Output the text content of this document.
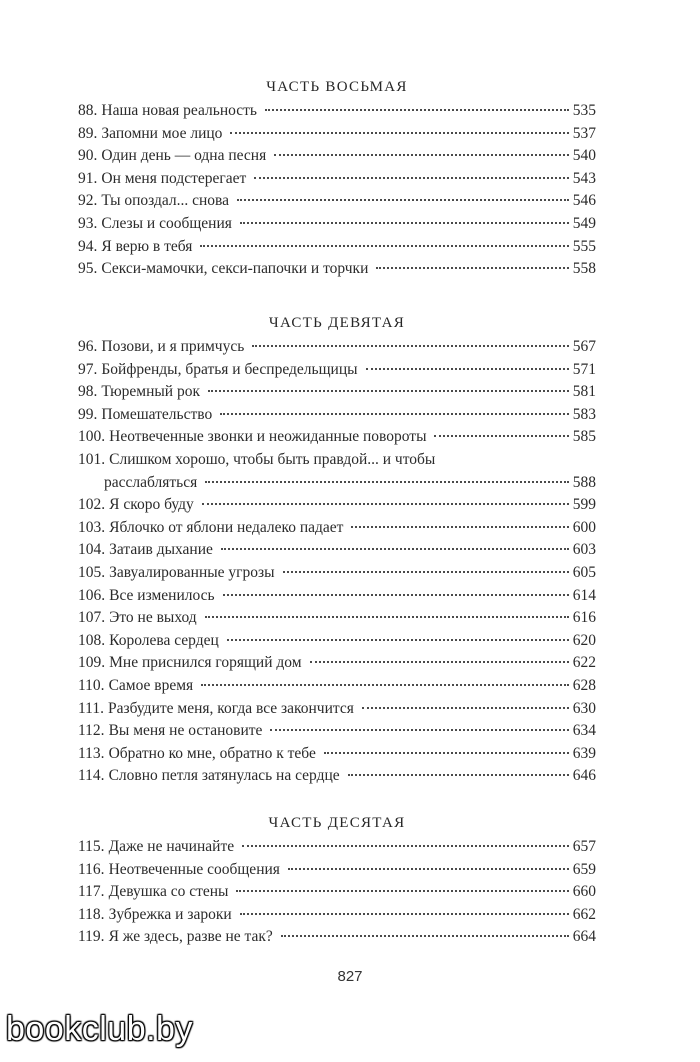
ЧАСТЬ ВОСЬМАЯ
88. Наша новая реальность	535
89. Запомни мое лицо	537
90. Один день — одна песня	540
91. Он меня подстерегает	543
92. Ты опоздал... снова	546
93. Слезы и сообщения	549
94. Я верю в тебя	555
95. Секси-мамочки, секси-папочки и торчки	558
ЧАСТЬ ДЕВЯТАЯ
96. Позови, и я примчусь	567
97. Бойфренды, братья и беспредельщицы	571
98. Тюремный рок	581
99. Помешательство	583
100. Неотвеченные звонки и неожиданные повороты	585
101. Слишком хорошо, чтобы быть правдой... и чтобы
расслабляться	588
102. Я скоро буду	599
103. Яблочко от яблони недалеко падает	600
104. Затаив дыхание	603
105. Завуалированные угрозы	605
106. Все изменилось	614
107. Это не выход	616
108. Королева сердец	620
109. Мне приснился горящий дом	622
110. Самое время	628
111. Разбудите меня, когда все закончится	630
112. Вы меня не остановите	634
113. Обратно ко мне, обратно к тебе	639
114. Словно петля затянулась на сердце	646
ЧАСТЬ ДЕСЯТАЯ
115. Даже не начинайте	657
116. Неотвеченные сообщения	659
117. Девушка со стены	660
118. Зубрежка и зароки	662
119. Я же здесь, разве не так?	664
827
bookclub.by
